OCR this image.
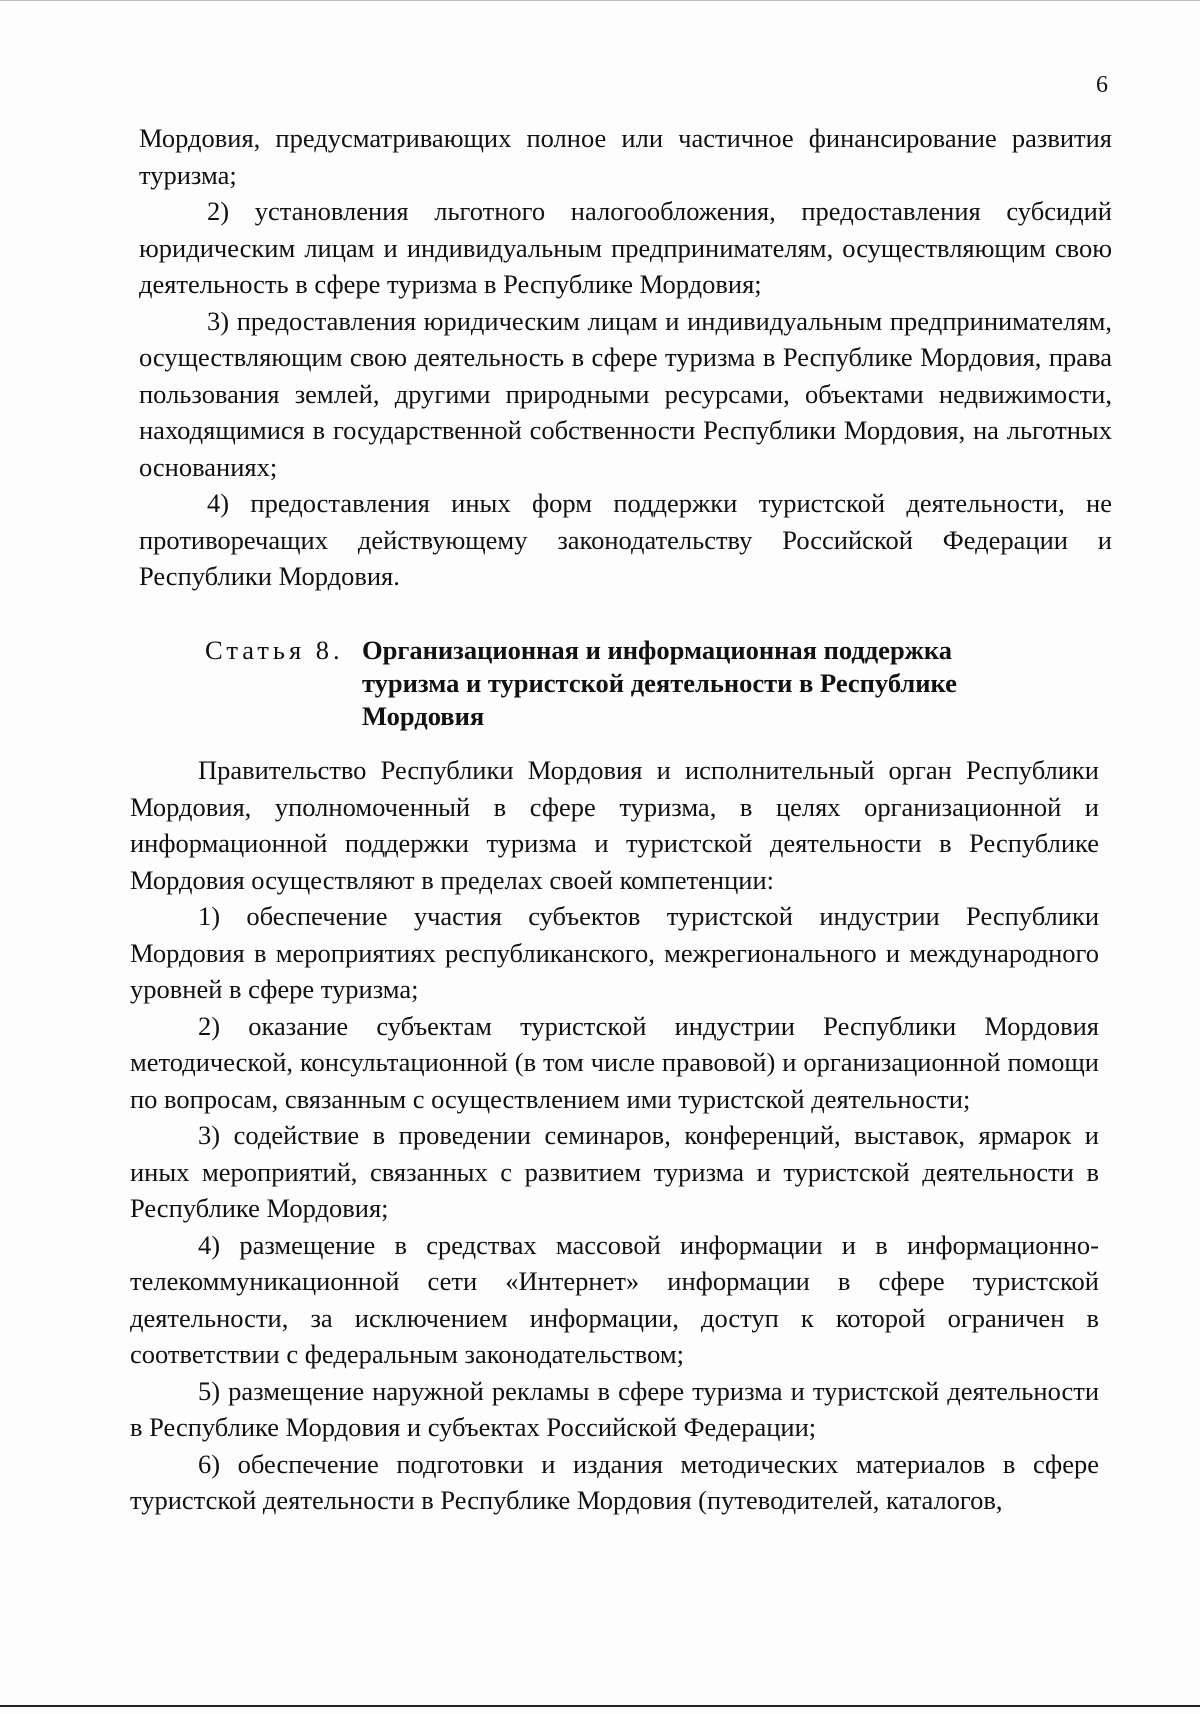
6

Мордовия, предусматривающих полное или частичное финансирование развития туризма;

2) установления льготного налогообложения, предоставления субсидий юридическим лицам и индивидуальным предпринимателям, осуществляющим свою деятельность в сфере туризма в Республике Мордовия;

3) предоставления юридическим лицам и индивидуальным предпринимателям, осуществляющим свою деятельность в сфере туризма в Республике Мордовия, права пользования землей, другими природными ресурсами, объектами недвижимости, находящимися в государственной собственности Республики Мордовия, на льготных основаниях;

4) предоставления иных форм поддержки туристской деятельности, не противоречащих действующему законодательству Российской Федерации и Республики Мордовия.

Статья 8. Организационная и информационная поддержка туризма и туристской деятельности в Республике Мордовия

Правительство Республики Мордовия и исполнительный орган Республики Мордовия, уполномоченный в сфере туризма, в целях организационной и информационной поддержки туризма и туристской деятельности в Республике Мордовия осуществляют в пределах своей компетенции:

1) обеспечение участия субъектов туристской индустрии Республики Мордовия в мероприятиях республиканского, межрегионального и международного уровней в сфере туризма;

2) оказание субъектам туристской индустрии Республики Мордовия методической, консультационной (в том числе правовой) и организационной помощи по вопросам, связанным с осуществлением ими туристской деятельности;

3) содействие в проведении семинаров, конференций, выставок, ярмарок и иных мероприятий, связанных с развитием туризма и туристской деятельности в Республике Мордовия;

4) размещение в средствах массовой информации и в информационно-телекоммуникационной сети «Интернет» информации в сфере туристской деятельности, за исключением информации, доступ к которой ограничен в соответствии с федеральным законодательством;

5) размещение наружной рекламы в сфере туризма и туристской деятельности в Республике Мордовия и субъектах Российской Федерации;

6) обеспечение подготовки и издания методических материалов в сфере туристской деятельности в Республике Мордовия (путеводителей, каталогов,
